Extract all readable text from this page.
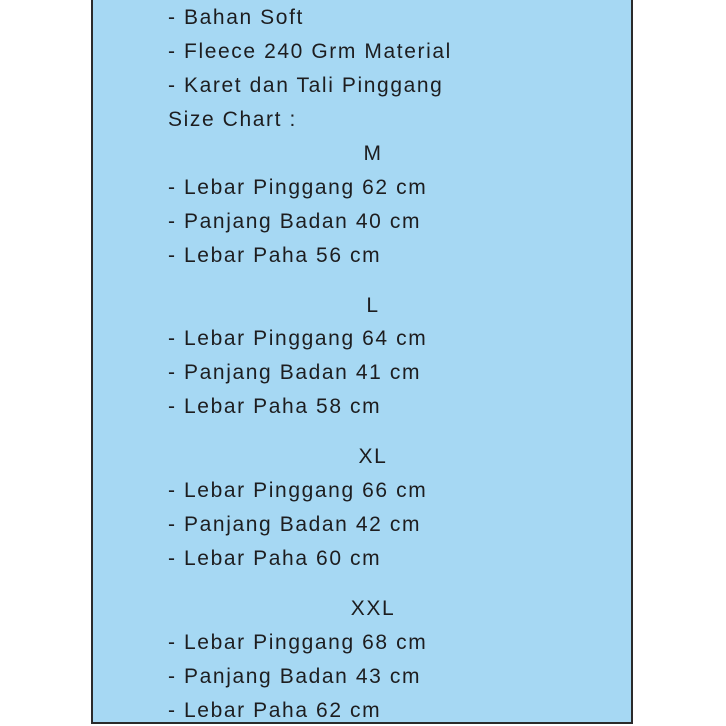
- Bahan Soft

- Fleece 240 Grm Material

- Karet dan Tali Pinggang

Size Chart :

M

- Lebar Pinggang 62 cm

- Panjang Badan 40 cm

- Lebar Paha 56 cm

L

- Lebar Pinggang 64 cm

- Panjang Badan 41 cm

- Lebar Paha 58 cm

XL

- Lebar Pinggang 66 cm

- Panjang Badan 42 cm

- Lebar Paha 60 cm

XXL

- Lebar Pinggang 68 cm

- Panjang Badan 43 cm

- Lebar Paha 62 cm
